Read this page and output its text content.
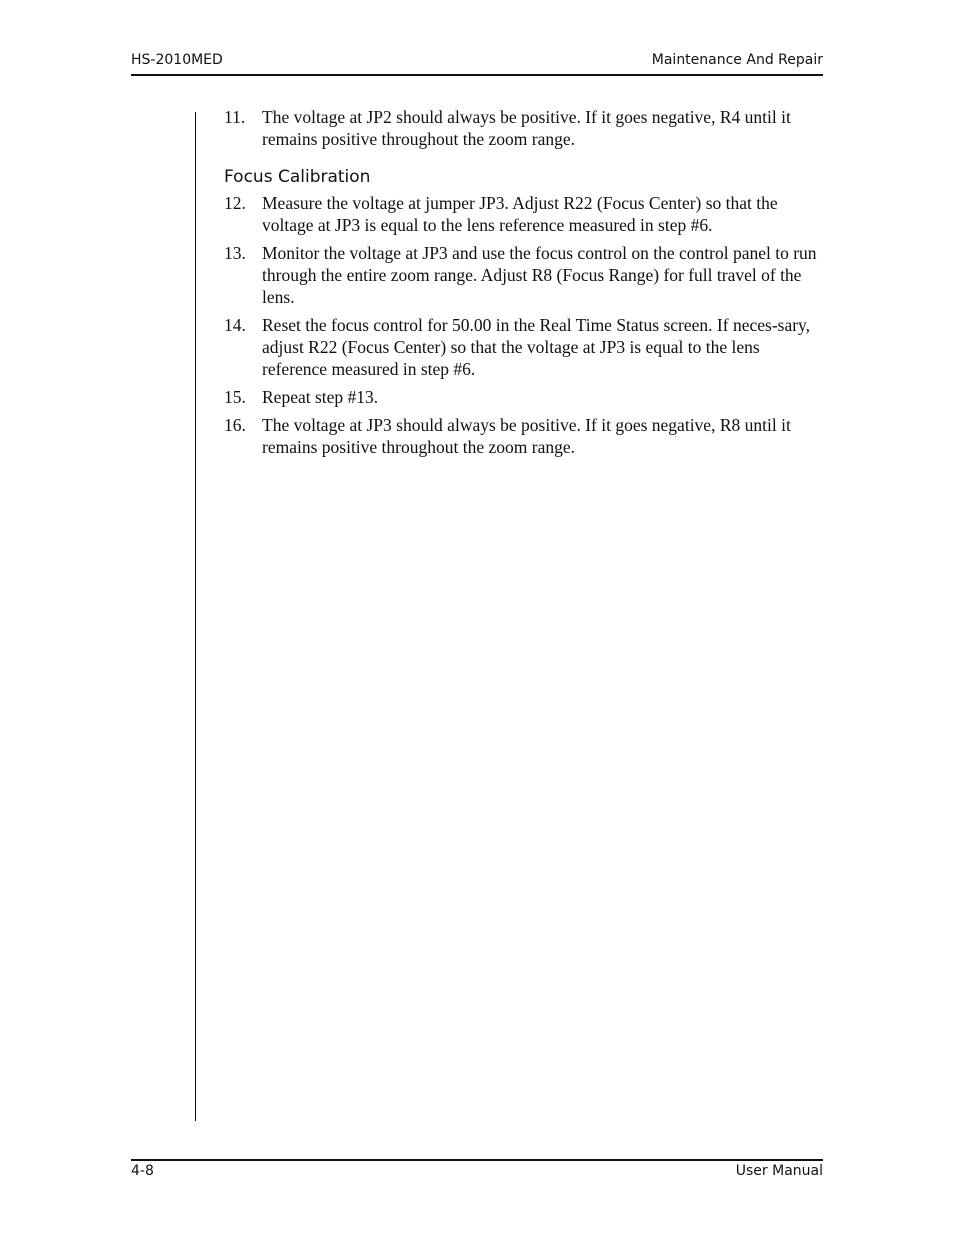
HS-2010MED	Maintenance And Repair
11. The voltage at JP2 should always be positive. If it goes negative, R4 until it remains positive throughout the zoom range.
Focus Calibration
12. Measure the voltage at jumper JP3. Adjust R22 (Focus Center) so that the voltage at JP3 is equal to the lens reference measured in step #6.
13. Monitor the voltage at JP3 and use the focus control on the control panel to run through the entire zoom range. Adjust R8 (Focus Range) for full travel of the lens.
14. Reset the focus control for 50.00 in the Real Time Status screen. If neces-sary, adjust R22 (Focus Center) so that the voltage at JP3 is equal to the lens reference measured in step #6.
15. Repeat step #13.
16. The voltage at JP3 should always be positive. If it goes negative, R8 until it remains positive throughout the zoom range.
4-8	User Manual
